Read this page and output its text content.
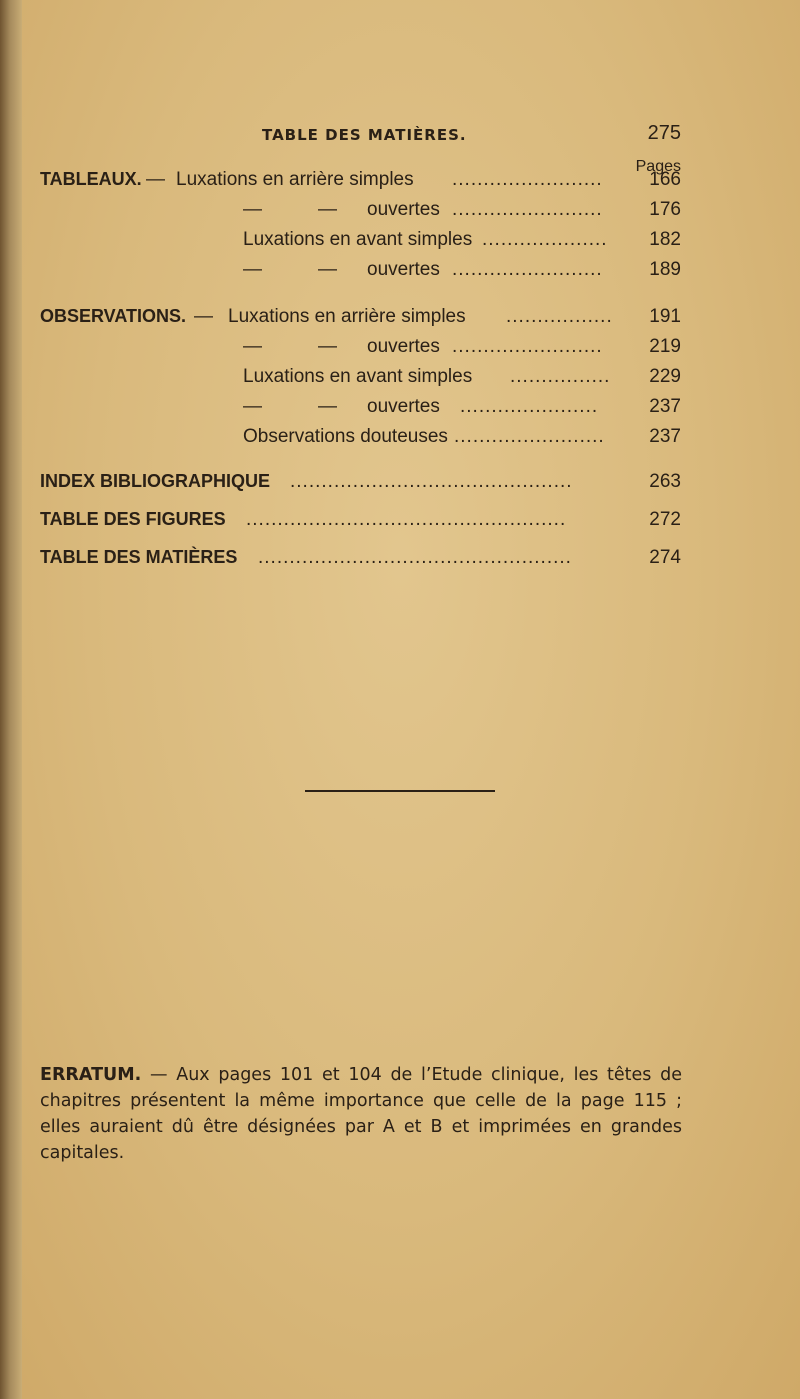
TABLE DES MATIÈRES.	275
Pages
TABLEAUX. — Luxations en arrière simples ........................	166
—	— ouvertes ........................	176
Luxations en avant simples ....................	182
—	— ouvertes ........................	189
OBSERVATIONS. — Luxations en arrière simples .................	191
—	— ouvertes ........................	219
Luxations en avant simples ................	229
—	— ouvertes ......................	237
Observations douteuses ........................	237
INDEX BIBLIOGRAPHIQUE .............................................	263
TABLE DES FIGURES ...................................................	272
TABLE DES MATIÈRES ..................................................	274
ERRATUM. — Aux pages 101 et 104 de l’Etude clinique, les têtes de chapitres présentent la même importance que celle de la page 115 ; elles auraient dû être désignées par A et B et imprimées en grandes capitales.
